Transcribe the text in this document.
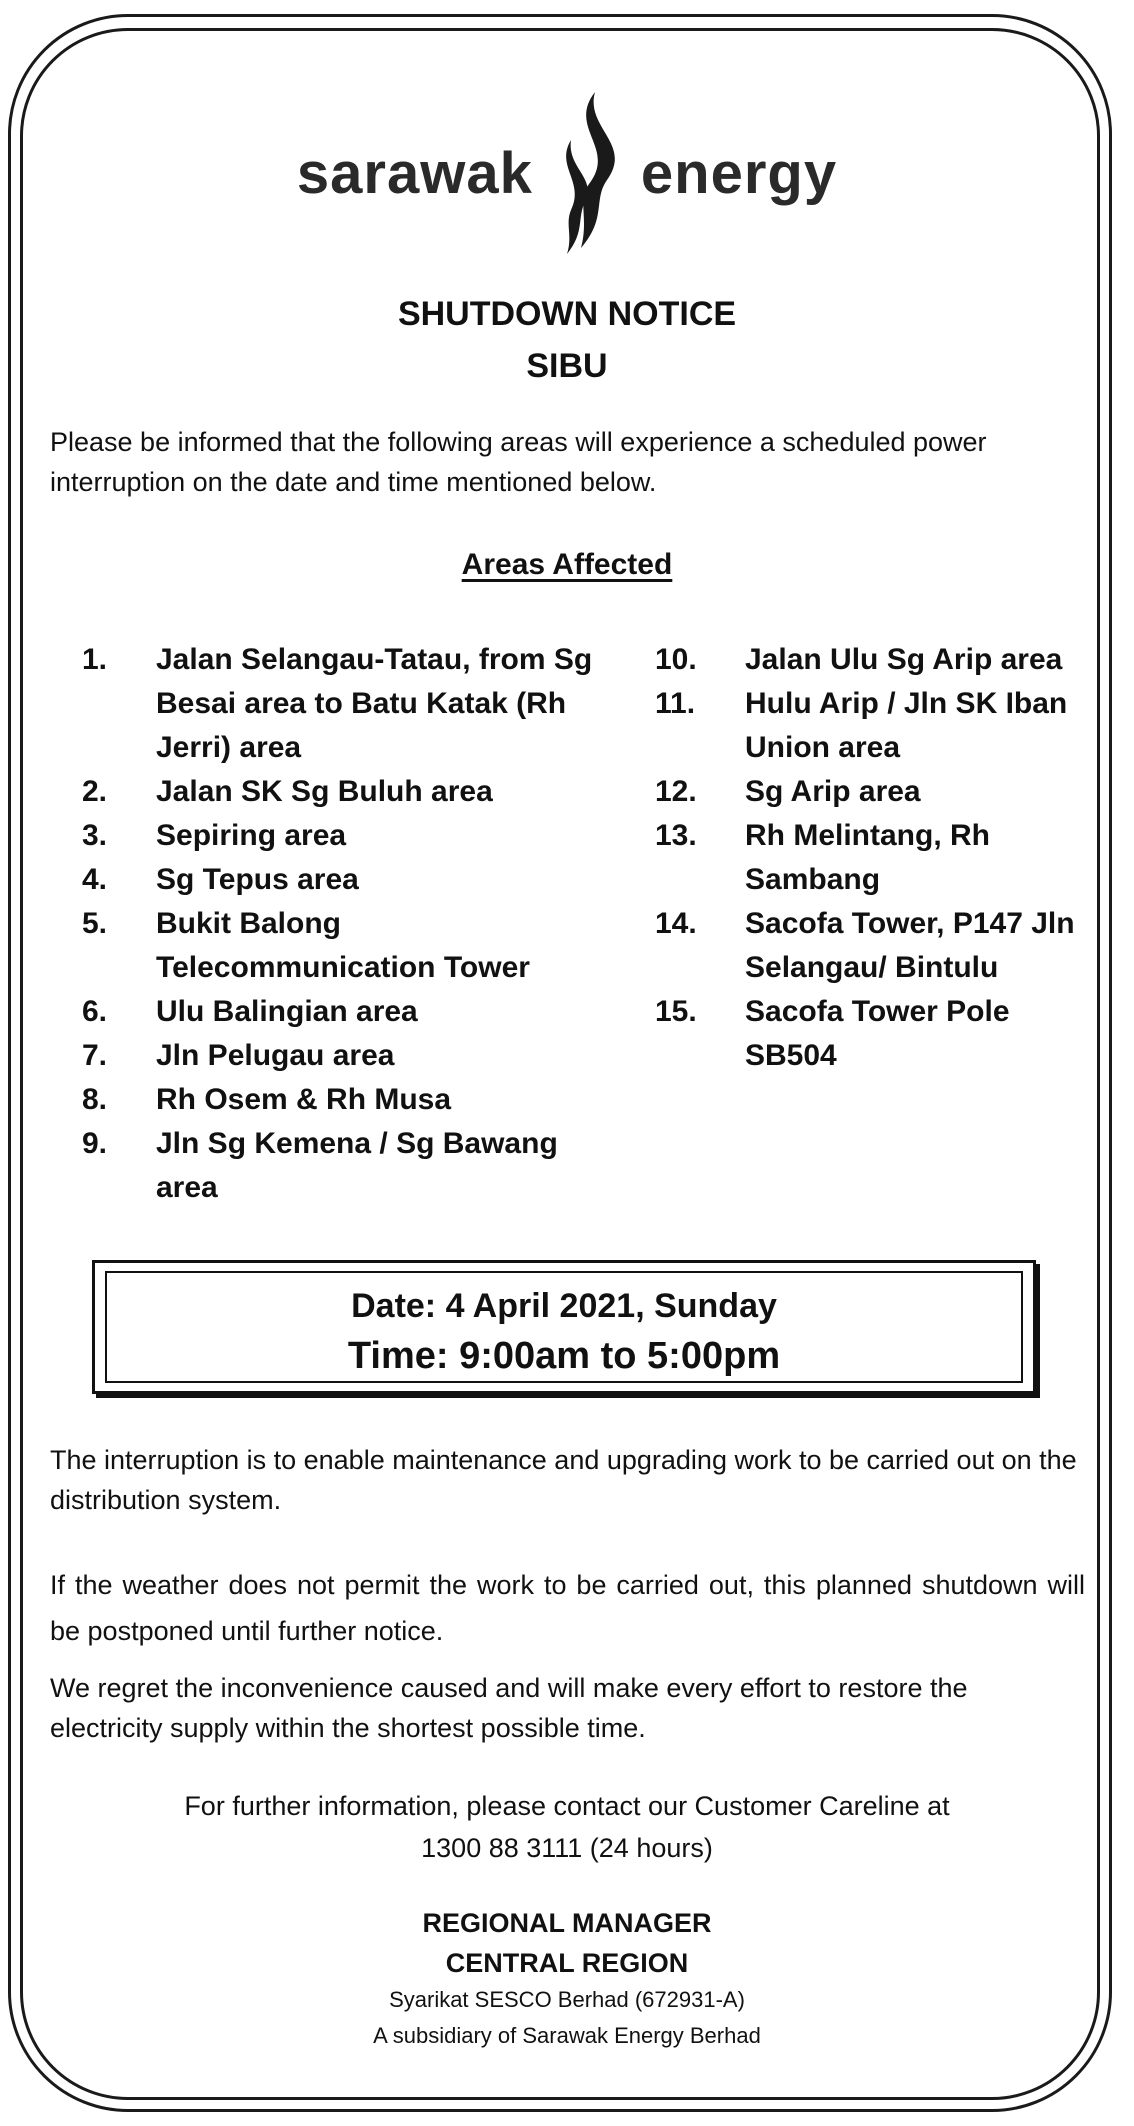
sarawak energy
SHUTDOWN NOTICE
SIBU
Please be informed that the following areas will experience a scheduled power interruption on the date and time mentioned below.
Areas Affected
1.	Jalan Selangau-Tatau, from Sg Besai area to Batu Katak (Rh Jerri) area
2.	Jalan SK Sg Buluh area
3.	Sepiring area
4.	Sg Tepus area
5.	Bukit Balong Telecommunication Tower
6.	Ulu Balingian area
7.	Jln Pelugau area
8.	Rh Osem & Rh Musa
9.	Jln Sg Kemena / Sg Bawang area
10.	Jalan Ulu Sg Arip area
11.	Hulu Arip / Jln SK Iban Union area
12.	Sg Arip area
13.	Rh Melintang, Rh Sambang
14.	Sacofa Tower, P147 Jln Selangau/ Bintulu
15.	Sacofa Tower Pole SB504
Date: 4 April 2021, Sunday
Time: 9:00am to 5:00pm
The interruption is to enable maintenance and upgrading work to be carried out on the distribution system.
If the weather does not permit the work to be carried out, this planned shutdown will be postponed until further notice.
We regret the inconvenience caused and will make every effort to restore the electricity supply within the shortest possible time.
For further information, please contact our Customer Careline at
1300 88 3111 (24 hours)
REGIONAL MANAGER
CENTRAL REGION
Syarikat SESCO Berhad (672931-A)
A subsidiary of Sarawak Energy Berhad
